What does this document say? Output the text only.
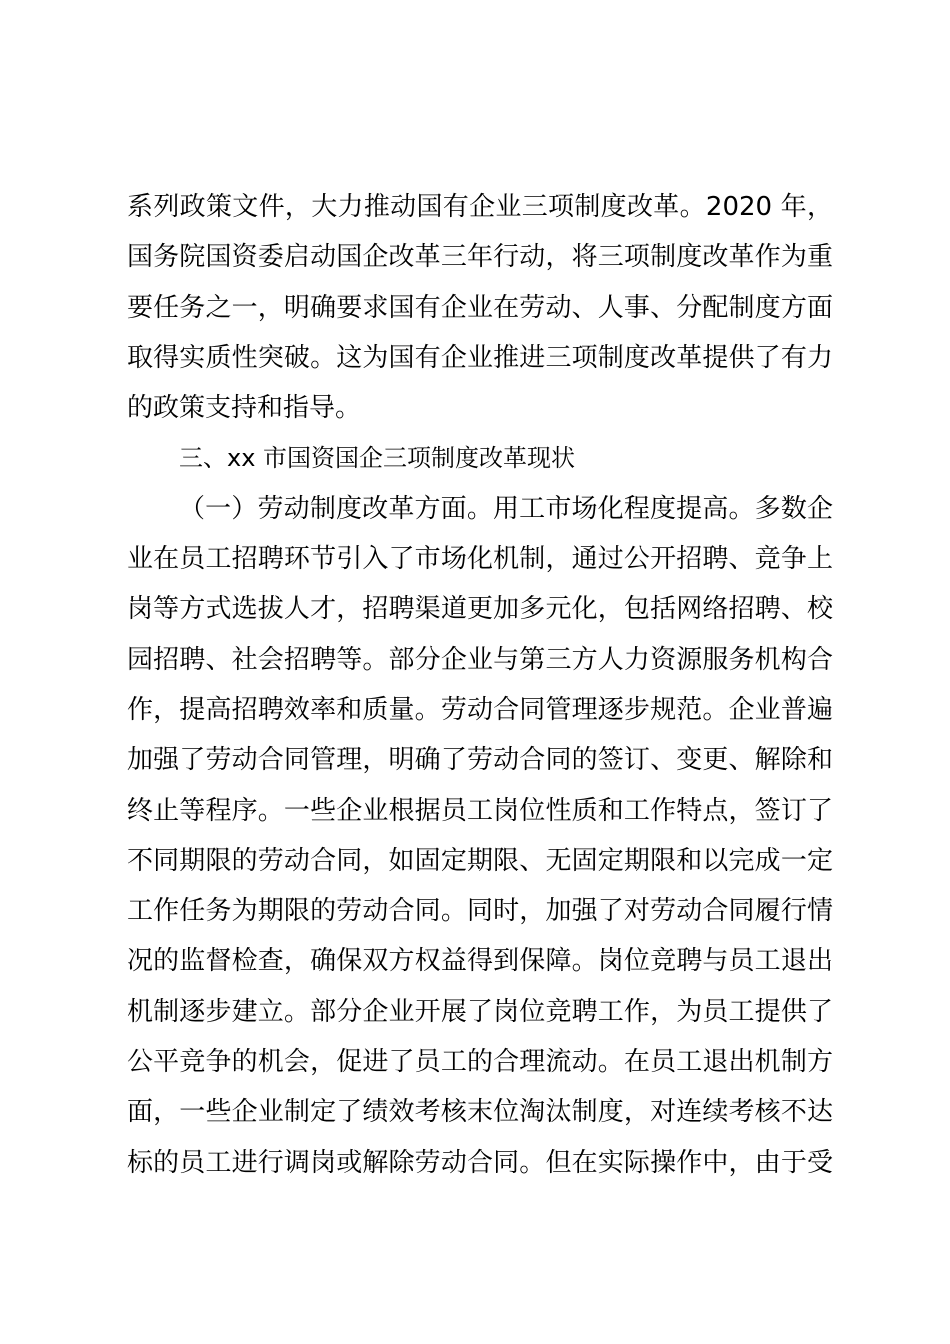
系列政策文件，大力推动国有企业三项制度改革。2020 年，
国务院国资委启动国企改革三年行动，将三项制度改革作为重
要任务之一，明确要求国有企业在劳动、人事、分配制度方面
取得实质性突破。这为国有企业推进三项制度改革提供了有力
的政策支持和指导。
三、xx 市国资国企三项制度改革现状
（一）劳动制度改革方面。用工市场化程度提高。多数企
业在员工招聘环节引入了市场化机制，通过公开招聘、竞争上
岗等方式选拔人才，招聘渠道更加多元化，包括网络招聘、校
园招聘、社会招聘等。部分企业与第三方人力资源服务机构合
作，提高招聘效率和质量。劳动合同管理逐步规范。企业普遍
加强了劳动合同管理，明确了劳动合同的签订、变更、解除和
终止等程序。一些企业根据员工岗位性质和工作特点，签订了
不同期限的劳动合同，如固定期限、无固定期限和以完成一定
工作任务为期限的劳动合同。同时，加强了对劳动合同履行情
况的监督检查，确保双方权益得到保障。岗位竞聘与员工退出
机制逐步建立。部分企业开展了岗位竞聘工作，为员工提供了
公平竞争的机会，促进了员工的合理流动。在员工退出机制方
面，一些企业制定了绩效考核末位淘汰制度，对连续考核不达
标的员工进行调岗或解除劳动合同。但在实际操作中，由于受
